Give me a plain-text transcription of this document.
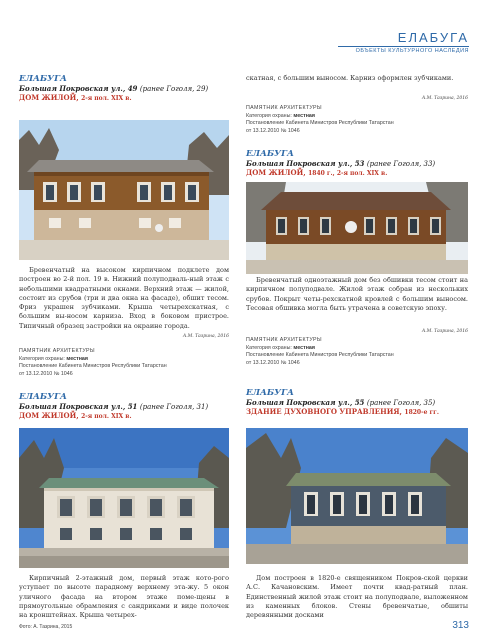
ЕЛАБУГА
ОБЪЕКТЫ КУЛЬТУРНОГО НАСЛЕДИЯ
ЕЛАБУГА
Большая Покровская ул., 49 (ранее Гоголя, 29)
ДОМ ЖИЛОЙ, 2-я пол. XIX в.

Бревенчатый на высоком кирпичном подклете дом построен во 2-й пол. 19 в. Нижний полуподваль-ный этаж с небольшими квадратными окнами. Верхний этаж — жилой, состоит из срубов (три и два окна на фасаде), обшит тесом. Фриз украшен зубчиками. Крыша четырехскатная, с большим вы-носом карниза. Вход в боковом пристрое. Типичный образец застройки на окраине города.

А.М. Тазрина, 2016
ПАМЯТНИК АРХИТЕКТУРЫ
Категория охраны: местная
Постановление Кабинета Министров Республики Татарстан
от 13.12.2010 № 1046
ЕЛАБУГА
Большая Покровская ул., 51 (ранее Гоголя, 31)
ДОМ ЖИЛОЙ, 2-я пол. XIX в.

Кирпичный 2-этажный дом, первый этаж кото-рого уступает по высоте парадному верхнему эта-жу. 5 окон уличного фасада на втором этаже поме-щены в прямоугольные обрамления с сандриками и виде полочек на кронштейнах. Крыша четырех-

скатная, с большим выносом. Карниз оформлен зубчиками.

А.М. Тазрина, 2016
ПАМЯТНИК АРХИТЕКТУРЫ
Категория охраны: местная
Постановление Кабинета Министров Республики Татарстан
от 13.12.2010 № 1046
ЕЛАБУГА
Большая Покровская ул., 53 (ранее Гоголя, 33)
ДОМ ЖИЛОЙ, 1840 г., 2-я пол. XIX в.

Бревенчатый одноэтажный дом без обшивки тесом стоит на кирпичном полуподвале. Жилой этаж собран из нескольких срубов. Покрыт четы-рехскатной кровлей с большим выносом. Тесовая обшивка могла быть утрачена в советскую эпоху.

А.М. Тазрина, 2016
ПАМЯТНИК АРХИТЕКТУРЫ
Категория охраны: местная
Постановление Кабинета Министров Республики Татарстан
от 13.12.2010 № 1046
ЕЛАБУГА
Большая Покровская ул., 55 (ранее Гоголя, 35)
ЗДАНИЕ ДУХОВНОГО УПРАВЛЕНИЯ, 1820-е гг.

Дом построен в 1820-е священником Покров-ской церкви А.С. Качановским. Имеет почти квад-ратный план. Единственный жилой этаж стоит на полуподвале, выложенном из каменных блоков. Стены бревенчатые, обшиты деревянными досками

Фото: А. Тазрина, 2015	313
